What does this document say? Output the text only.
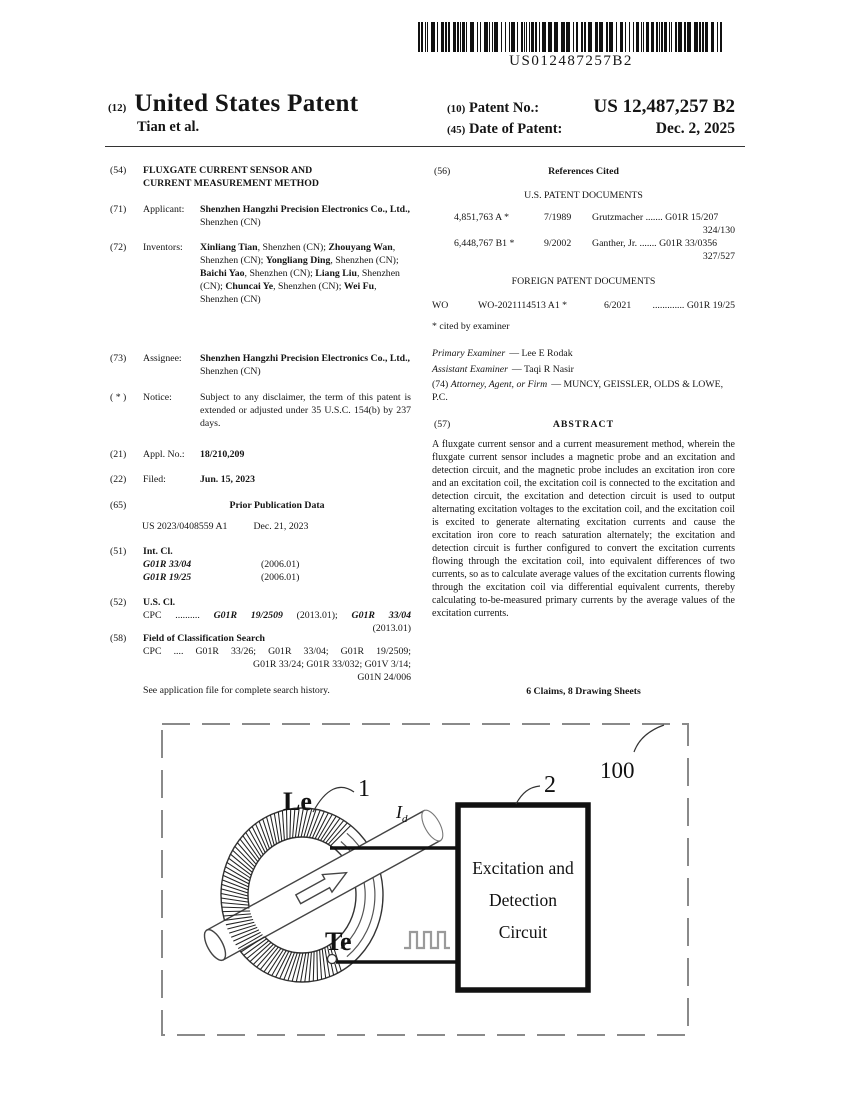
US012487257B2
(12) United States Patent
Tian et al.
(10) Patent No.:	US 12,487,257 B2
(45) Date of Patent:	Dec. 2, 2025
(54)	FLUXGATE CURRENT SENSOR AND
CURRENT MEASUREMENT METHOD
(71)	Applicant:	Shenzhen Hangzhi Precision Electronics Co., Ltd., Shenzhen (CN)
(72)	Inventors:	Xinliang Tian, Shenzhen (CN); Zhouyang Wan, Shenzhen (CN); Yongliang Ding, Shenzhen (CN); Baichi Yao, Shenzhen (CN); Liang Liu, Shenzhen (CN); Chuncai Ye, Shenzhen (CN); Wei Fu, Shenzhen (CN)
(73)	Assignee:	Shenzhen Hangzhi Precision Electronics Co., Ltd., Shenzhen (CN)
( * )	Notice:	Subject to any disclaimer, the term of this patent is extended or adjusted under 35 U.S.C. 154(b) by 237 days.
(21)	Appl. No.:	18/210,209
(22)	Filed:	Jun. 15, 2023
(65)	Prior Publication Data
US 2023/0408559 A1	Dec. 21, 2023
(51)	Int. Cl.
G01R 33/04	(2006.01)
G01R 19/25	(2006.01)
(52)	U.S. Cl.
CPC .......... G01R 19/2509 (2013.01); G01R 33/04
(2013.01)
(58)	Field of Classification Search
CPC .... G01R 33/26; G01R 33/04; G01R 19/2509;
G01R 33/24; G01R 33/032; G01V 3/14;
G01N 24/006
See application file for complete search history.
(56)	References Cited
U.S. PATENT DOCUMENTS
4,851,763 A *	7/1989	Grutzmacher ....... G01R 15/207
324/130
6,448,767 B1 *	9/2002	Ganther, Jr. ....... G01R 33/0356
327/527
FOREIGN PATENT DOCUMENTS
WO	WO-2021114513 A1 *	6/2021	............. G01R 19/25
* cited by examiner
Primary Examiner — Lee E Rodak
Assistant Examiner — Taqi R Nasir
(74) Attorney, Agent, or Firm — MUNCY, GEISSLER, OLDS & LOWE, P.C.
(57)	ABSTRACT
A fluxgate current sensor and a current measurement method, wherein the fluxgate current sensor includes a magnetic probe and an excitation and detection circuit, and the magnetic probe includes an excitation iron core and an excitation coil, the excitation coil is connected to the excitation and detection circuit, the excitation and detection circuit is used to output alternating excitation voltages to the excitation coil, and the excitation coil is excited to generate alternating excitation currents and cause the excitation iron core to reach saturation alternately; the excitation and detection circuit is further configured to convert the excitation currents flowing through the excitation coil, into equivalent differences of two currents, so as to calculate average values of the excitation currents flowing through the excitation coil via differential equivalent currents, thereby calculating to-be-measured primary currents by the average values of the excitation currents.
6 Claims, 8 Drawing Sheets
Excitation and
Detection
Circuit
Le
Te
1
$I_d$
2
100
